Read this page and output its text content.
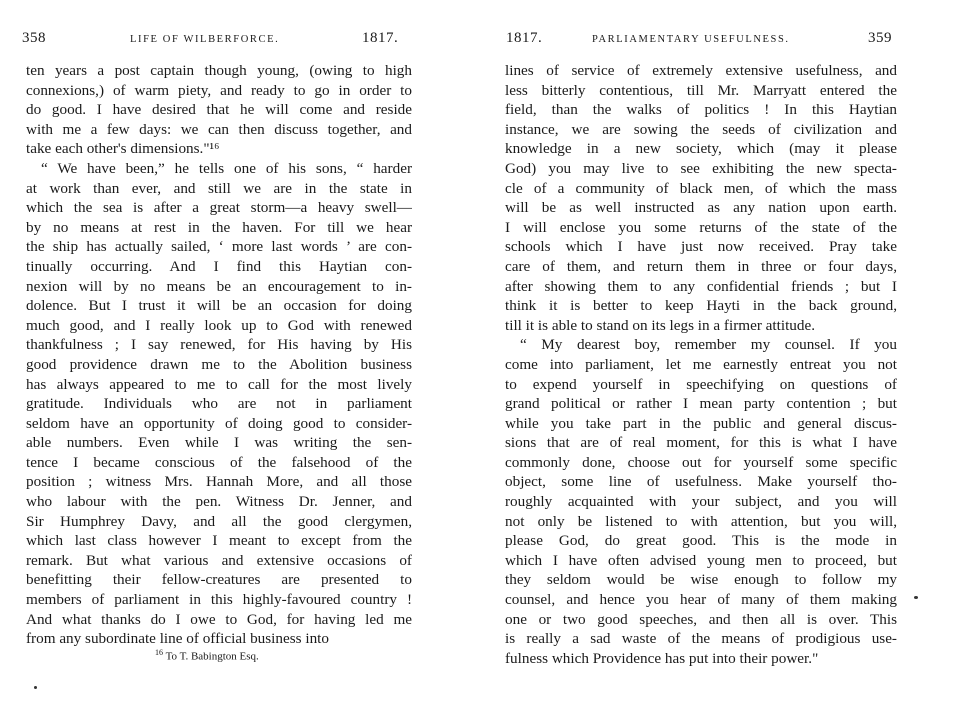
358	LIFE OF WILBERFORCE.	1817.
ten years a post captain though young, (owing to high
connexions,) of warm piety, and ready to go in order to
do good. I have desired that he will come and reside
with me a few days: we can then discuss together, and
take each other's dimensions."¹⁶
“ We have been,” he tells one of his sons, “ harder
at work than ever, and still we are in the state in
which the sea is after a great storm—a heavy swell—
by no means at rest in the haven. For till we hear
the ship has actually sailed, ‘ more last words ’ are con-
tinually occurring. And I find this Haytian con-
nexion will by no means be an encouragement to in-
dolence. But I trust it will be an occasion for doing
much good, and I really look up to God with renewed
thankfulness ; I say renewed, for His having by His
good providence drawn me to the Abolition business
has always appeared to me to call for the most lively
gratitude. Individuals who are not in parliament
seldom have an opportunity of doing good to consider-
able numbers. Even while I was writing the sen-
tence I became conscious of the falsehood of the
position ; witness Mrs. Hannah More, and all those
who labour with the pen. Witness Dr. Jenner, and
Sir Humphrey Davy, and all the good clergymen,
which last class however I meant to except from the
remark. But what various and extensive occasions of
benefitting their fellow-creatures are presented to
members of parliament in this highly-favoured country !
And what thanks do I owe to God, for having led me
from any subordinate line of official business into
$^{16}$ To T. Babington Esq.
1817.	PARLIAMENTARY USEFULNESS.	359
lines of service of extremely extensive usefulness, and
less bitterly contentious, till Mr. Marryatt entered the
field, than the walks of politics ! In this Haytian
instance, we are sowing the seeds of civilization and
knowledge in a new society, which (may it please
God) you may live to see exhibiting the new specta-
cle of a community of black men, of which the mass
will be as well instructed as any nation upon earth.
I will enclose you some returns of the state of the
schools which I have just now received. Pray take
care of them, and return them in three or four days,
after showing them to any confidential friends ; but I
think it is better to keep Hayti in the back ground,
till it is able to stand on its legs in a firmer attitude.
“ My dearest boy, remember my counsel. If you
come into parliament, let me earnestly entreat you not
to expend yourself in speechifying on questions of
grand political or rather I mean party contention ; but
while you take part in the public and general discus-
sions that are of real moment, for this is what I have
commonly done, choose out for yourself some specific
object, some line of usefulness. Make yourself tho-
roughly acquainted with your subject, and you will
not only be listened to with attention, but you will,
please God, do great good. This is the mode in
which I have often advised young men to proceed, but
they seldom would be wise enough to follow my
counsel, and hence you hear of many of them making
one or two good speeches, and then all is over. This
is really a sad waste of the means of prodigious use-
fulness which Providence has put into their power."
